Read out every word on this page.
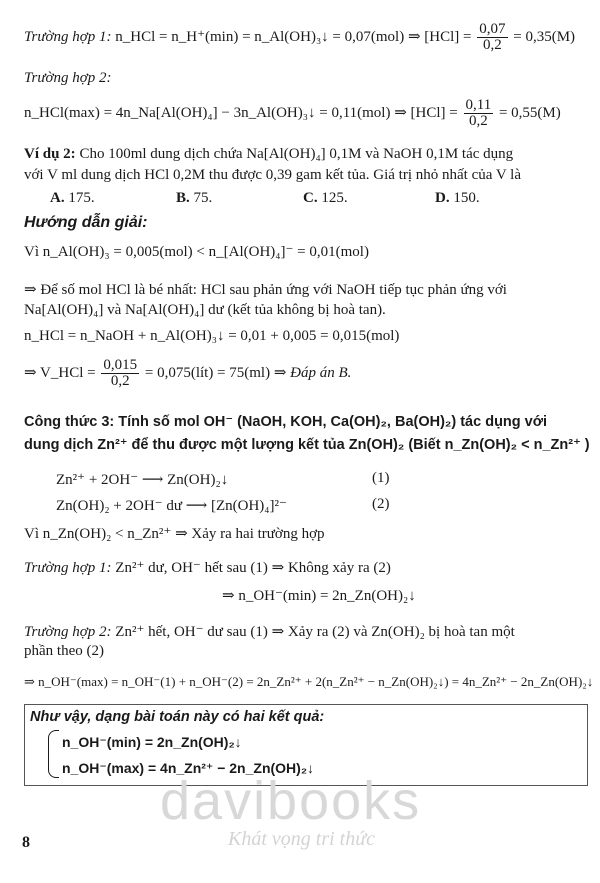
Trường hợp 1: n_HCl = n_H⁺(min) = n_Al(OH)₃↓ = 0,07(mol) ⇒ $[HCl] = \frac{0,07}{0,2} = 0,35(M)$
Trường hợp 2:
n_HCl(max) = 4n_Na[Al(OH)₄] − 3n_Al(OH)₃↓ = 0,11(mol) ⇒ $[HCl] = \frac{0,11}{0,2} = 0,55(M)$
Ví dụ 2: Cho 100ml dung dịch chứa Na[Al(OH)₄] 0,1M và NaOH 0,1M tác dụng
với V ml dung dịch HCl 0,2M thu được 0,39 gam kết tủa. Giá trị nhỏ nhất của V là
A. 175.	B. 75.	C. 125.	D. 150.
Hướng dẫn giải:
Vì n_Al(OH)₃ = 0,005(mol) < n_[Al(OH)₄]⁻ = 0,01(mol)
⇒ Để số mol HCl là bé nhất: HCl sau phản ứng với NaOH tiếp tục phản ứng với
Na[Al(OH)₄] và Na[Al(OH)₄] dư (kết tủa không bị hoà tan).
n_HCl = n_NaOH + n_Al(OH)₃↓ = 0,01 + 0,005 = 0,015(mol)
⇒ V_HCl = $\frac{0,015}{0,2}$ = 0,075(lít) = 75(ml) ⇒ Đáp án B.
Công thức 3: Tính số mol OH⁻ (NaOH, KOH, Ca(OH)₂, Ba(OH)₂) tác dụng với
dung dịch Zn²⁺ để thu được một lượng kết tủa Zn(OH)₂ (Biết n_Zn(OH)₂ < n_Zn²⁺ )
Zn²⁺ + 2OH⁻ ⟶ Zn(OH)₂↓	(1)
Zn(OH)₂ + 2OH⁻ dư ⟶ [Zn(OH)₄]²⁻	(2)
Vì n_Zn(OH)₂ < n_Zn²⁺ ⇒ Xảy ra hai trường hợp
Trường hợp 1: Zn²⁺ dư, OH⁻ hết sau (1) ⇒ Không xảy ra (2)
⇒ n_OH⁻(min) = 2n_Zn(OH)₂↓
Trường hợp 2: Zn²⁺ hết, OH⁻ dư sau (1) ⇒ Xảy ra (2) và Zn(OH)₂ bị hoà tan một
phần theo (2)
⇒ n_OH⁻(max) = n_OH⁻(1) + n_OH⁻(2) = 2n_Zn²⁺ + 2(n_Zn²⁺ − n_Zn(OH)₂↓) = 4n_Zn²⁺ − 2n_Zn(OH)₂↓
Như vậy, dạng bài toán này có hai kết quả:
n_OH⁻(min) = 2n_Zn(OH)₂↓
n_OH⁻(max) = 4n_Zn²⁺ − 2n_Zn(OH)₂↓
davibooks
Khát vọng tri thức
8
